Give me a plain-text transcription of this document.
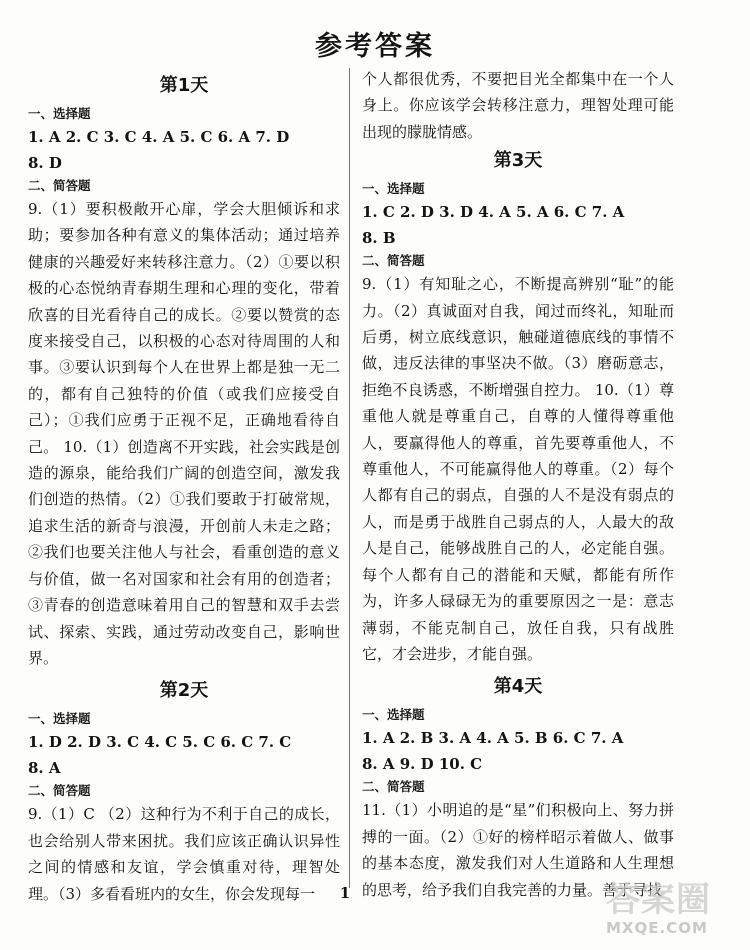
参考答案
第1天
一、选择题
1. A 2. C 3. C 4. A 5. C 6. A 7. D
8. D
二、简答题

9.（1）要积极敞开心扉，学会大胆倾诉和求助；要参加各种有意义的集体活动；通过培养健康的兴趣爱好来转移注意力。（2）①要以积极的心态悦纳青春期生理和心理的变化，带着欣喜的目光看待自己的成长。②要以赞赏的态度来接受自己，以积极的心态对待周围的人和事。③要认识到每个人在世界上都是独一无二的，都有自己独特的价值（或我们应接受自己）；①我们应勇于正视不足，正确地看待自己。 10.（1）创造离不开实践，社会实践是创造的源泉，能给我们广阔的创造空间，激发我们创造的热情。（2）①我们要敢于打破常规，追求生活的新奇与浪漫，开创前人未走之路；②我们也要关注他人与社会，看重创造的意义与价值，做一名对国家和社会有用的创造者；③青春的创造意味着用自己的智慧和双手去尝试、探索、实践，通过劳动改变自己，影响世界。

第2天
一、选择题
1. D 2. D 3. C 4. C 5. C 6. C 7. C
8. A
二、简答题

9.（1）C （2）这种行为不利于自己的成长，也会给别人带来困扰。我们应该正确认识异性之间的情感和友谊，学会慎重对待，理智处理。（3）多看看班内的女生，你会发现每一

个人都很优秀，不要把目光全都集中在一个人身上。你应该学会转移注意力，理智处理可能出现的朦胧情感。

第3天
一、选择题
1. C 2. D 3. D 4. A 5. A 6. C 7. A
8. B
二、简答题

9.（1）有知耻之心，不断提高辨别“耻”的能力。（2）真诚面对自我，闻过而终礼，知耻而后勇，树立底线意识，触碰道德底线的事情不做，违反法律的事坚决不做。（3）磨砺意志，拒绝不良诱惑，不断增强自控力。 10.（1）尊重他人就是尊重自己，自尊的人懂得尊重他人，要赢得他人的尊重，首先要尊重他人，不尊重他人，不可能赢得他人的尊重。（2）每个人都有自己的弱点，自强的人不是没有弱点的人，而是勇于战胜自己弱点的人，人最大的敌人是自己，能够战胜自己的人，必定能自强。每个人都有自己的潜能和天赋，都能有所作为，许多人碌碌无为的重要原因之一是：意志薄弱，不能克制自己，放任自我，只有战胜它，才会进步，才能自强。

第4天
一、选择题
1. A 2. B 3. A 4. A 5. B 6. C 7. A
8. A 9. D 10. C
二、简答题

11.（1）小明追的是“星”们积极向上、努力拼搏的一面。（2）①好的榜样昭示着做人、做事的基本态度，激发我们对人生道路和人生理想的思考，给予我们自我完善的力量。善于寻找

1	答案圈
MXQE.COM
